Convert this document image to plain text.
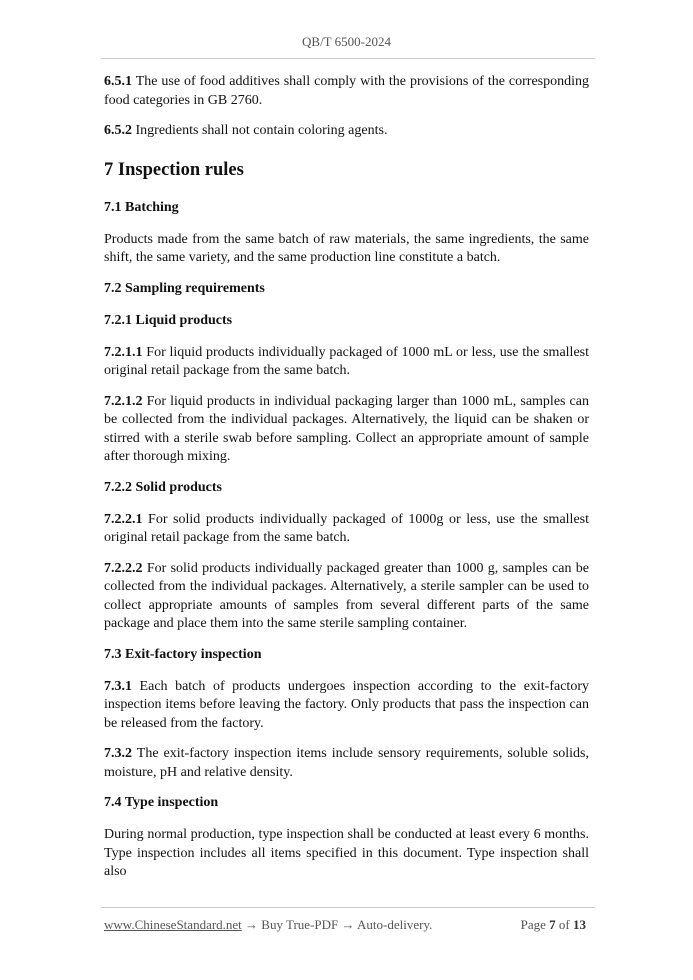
QB/T 6500-2024

6.5.1 The use of food additives shall comply with the provisions of the corresponding food categories in GB 2760.

6.5.2 Ingredients shall not contain coloring agents.

7 Inspection rules
7.1 Batching

Products made from the same batch of raw materials, the same ingredients, the same shift, the same variety, and the same production line constitute a batch.

7.2 Sampling requirements
7.2.1 Liquid products

7.2.1.1 For liquid products individually packaged of 1000 mL or less, use the smallest original retail package from the same batch.

7.2.1.2 For liquid products in individual packaging larger than 1000 mL, samples can be collected from the individual packages. Alternatively, the liquid can be shaken or stirred with a sterile swab before sampling. Collect an appropriate amount of sample after thorough mixing.

7.2.2 Solid products

7.2.2.1 For solid products individually packaged of 1000g or less, use the smallest original retail package from the same batch.

7.2.2.2 For solid products individually packaged greater than 1000 g, samples can be collected from the individual packages. Alternatively, a sterile sampler can be used to collect appropriate amounts of samples from several different parts of the same package and place them into the same sterile sampling container.

7.3 Exit-factory inspection

7.3.1 Each batch of products undergoes inspection according to the exit-factory inspection items before leaving the factory. Only products that pass the inspection can be released from the factory.

7.3.2 The exit-factory inspection items include sensory requirements, soluble solids, moisture, pH and relative density.

7.4 Type inspection

During normal production, type inspection shall be conducted at least every 6 months. Type inspection includes all items specified in this document. Type inspection shall also

www.ChineseStandard.net → Buy True-PDF → Auto-delivery.	Page 7 of 13
